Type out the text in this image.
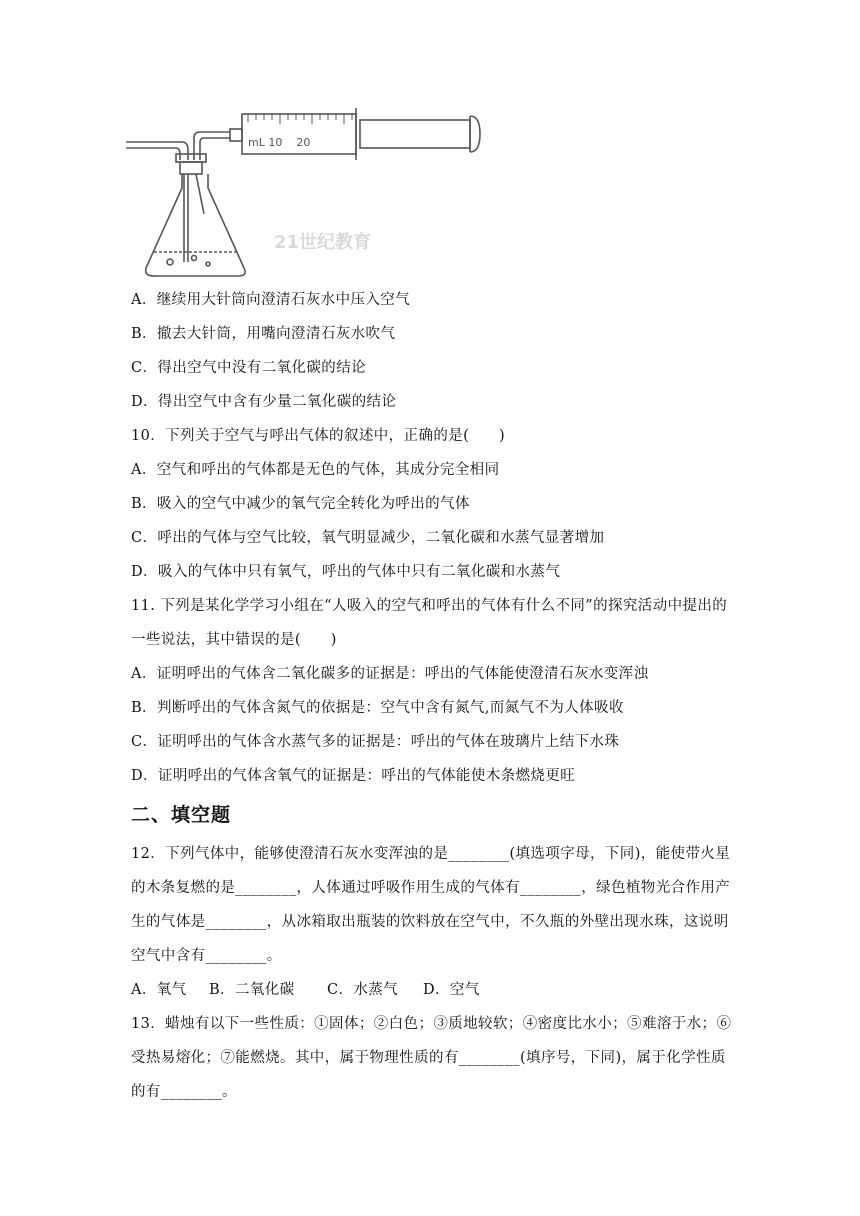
mL 10    20
21世纪教育
A．继续用大针筒向澄清石灰水中压入空气
B．撤去大针筒，用嘴向澄清石灰水吹气
C．得出空气中没有二氧化碳的结论
D．得出空气中含有少量二氧化碳的结论
10．下列关于空气与呼出气体的叙述中，正确的是(　　)
A．空气和呼出的气体都是无色的气体，其成分完全相同
B．吸入的空气中减少的氧气完全转化为呼出的气体
C．呼出的气体与空气比较，氧气明显减少，二氧化碳和水蒸气显著增加
D．吸入的气体中只有氧气，呼出的气体中只有二氧化碳和水蒸气
11. 下列是某化学学习小组在“人吸入的空气和呼出的气体有什么不同”的探究活动中提出的
一些说法，其中错误的是(　　)
A．证明呼出的气体含二氧化碳多的证据是：呼出的气体能使澄清石灰水变浑浊
B．判断呼出的气体含氮气的依据是：空气中含有氮气,而氮气不为人体吸收
C．证明呼出的气体含水蒸气多的证据是：呼出的气体在玻璃片上结下水珠
D．证明呼出的气体含氧气的证据是：呼出的气体能使木条燃烧更旺
二、填空题
12．下列气体中，能够使澄清石灰水变浑浊的是________(填选项字母，下同)，能使带火星
的木条复燃的是________，人体通过呼吸作用生成的气体有________，绿色植物光合作用产
生的气体是________，从冰箱取出瓶装的饮料放在空气中，不久瓶的外壁出现水珠，这说明
空气中含有________。
A．氧气 B．二氧化碳 C．水蒸气 D．空气
13．蜡烛有以下一些性质：①固体；②白色；③质地较软；④密度比水小；⑤难溶于水；⑥
受热易熔化；⑦能燃烧。其中，属于物理性质的有________(填序号，下同)，属于化学性质
的有________。
